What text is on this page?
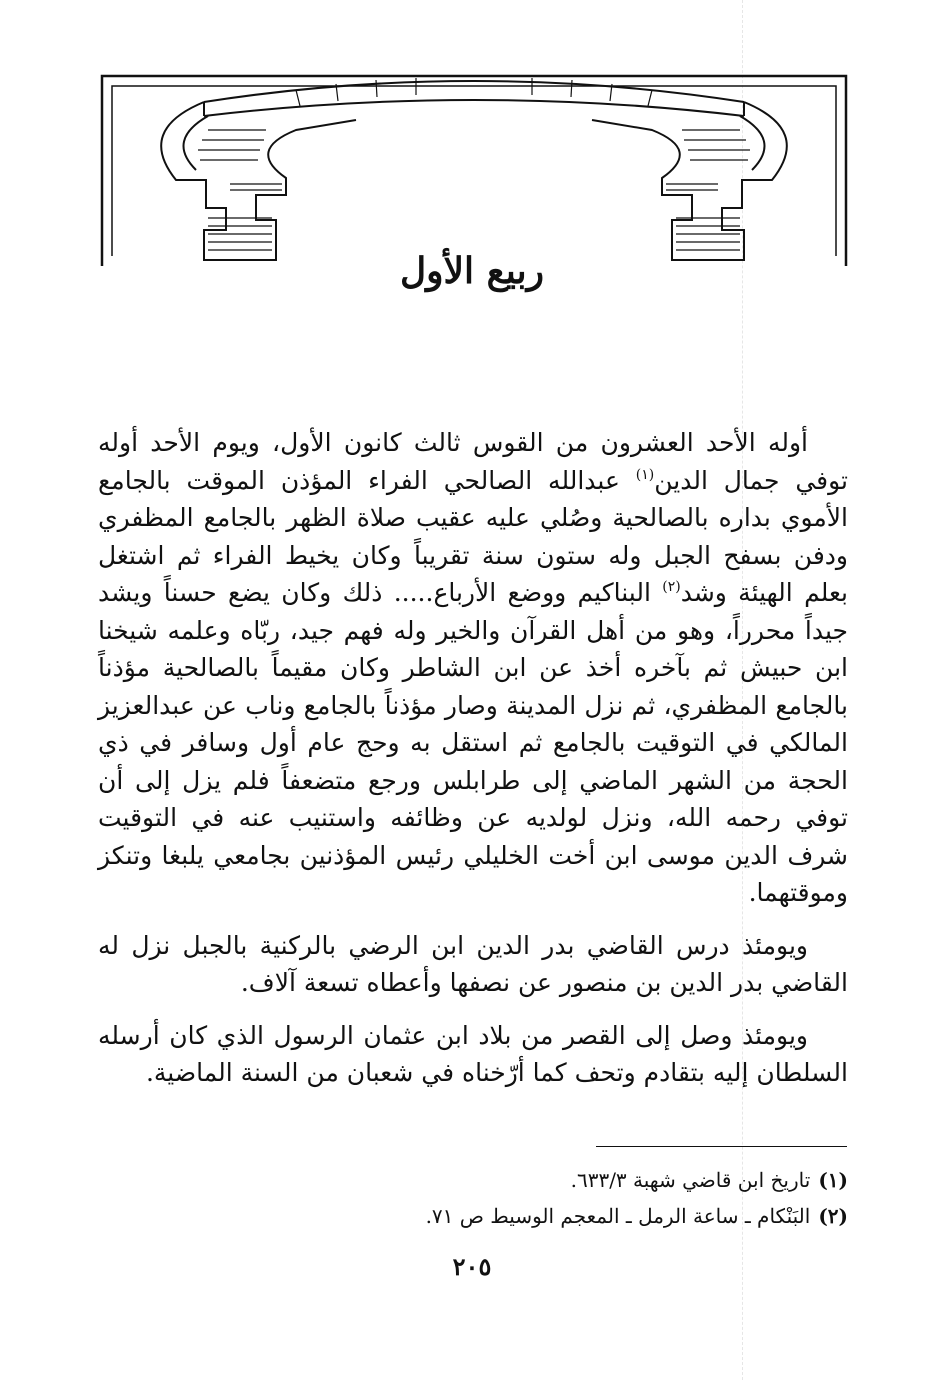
ربيع الأول

أوله الأحد العشرون من القوس ثالث كانون الأول، ويوم الأحد أوله توفي جمال الدين$^{(١)}$ عبدالله الصالحي الفراء المؤذن الموقت بالجامع الأموي بداره بالصالحية وصُلي عليه عقيب صلاة الظهر بالجامع المظفري ودفن بسفح الجبل وله ستون سنة تقريباً وكان يخيط الفراء ثم اشتغل بعلم الهيئة وشد$^{(٢)}$ البناكيم ووضع الأرباع..... ذلك وكان يضع حسناً ويشد جيداً محرراً، وهو من أهل القرآن والخير وله فهم جيد، ربّاه وعلمه شيخنا ابن حبيش ثم بآخره أخذ عن ابن الشاطر وكان مقيماً بالصالحية مؤذناً بالجامع المظفري، ثم نزل المدينة وصار مؤذناً بالجامع وناب عن عبدالعزيز المالكي في التوقيت بالجامع ثم استقل به وحج عام أول وسافر في ذي الحجة من الشهر الماضي إلى طرابلس ورجع متضعفاً فلم يزل إلى أن توفي رحمه الله، ونزل لولديه عن وظائفه واستنيب عنه في التوقيت شرف الدين موسى ابن أخت الخليلي رئيس المؤذنين بجامعي يلبغا وتنكز وموقتهما.

ويومئذ درس القاضي بدر الدين ابن الرضي بالركنية بالجبل نزل له القاضي بدر الدين بن منصور عن نصفها وأعطاه تسعة آلاف.

ويومئذ وصل إلى القصر من بلاد ابن عثمان الرسول الذي كان أرسله السلطان إليه بتقادم وتحف كما أرّخناه في شعبان من السنة الماضية.

(١)تاريخ ابن قاضي شهبة ٦٣٣/٣.
(٢)البَنْكام ـ ساعة الرمل ـ المعجم الوسيط ص ٧١.
٢٠٥
